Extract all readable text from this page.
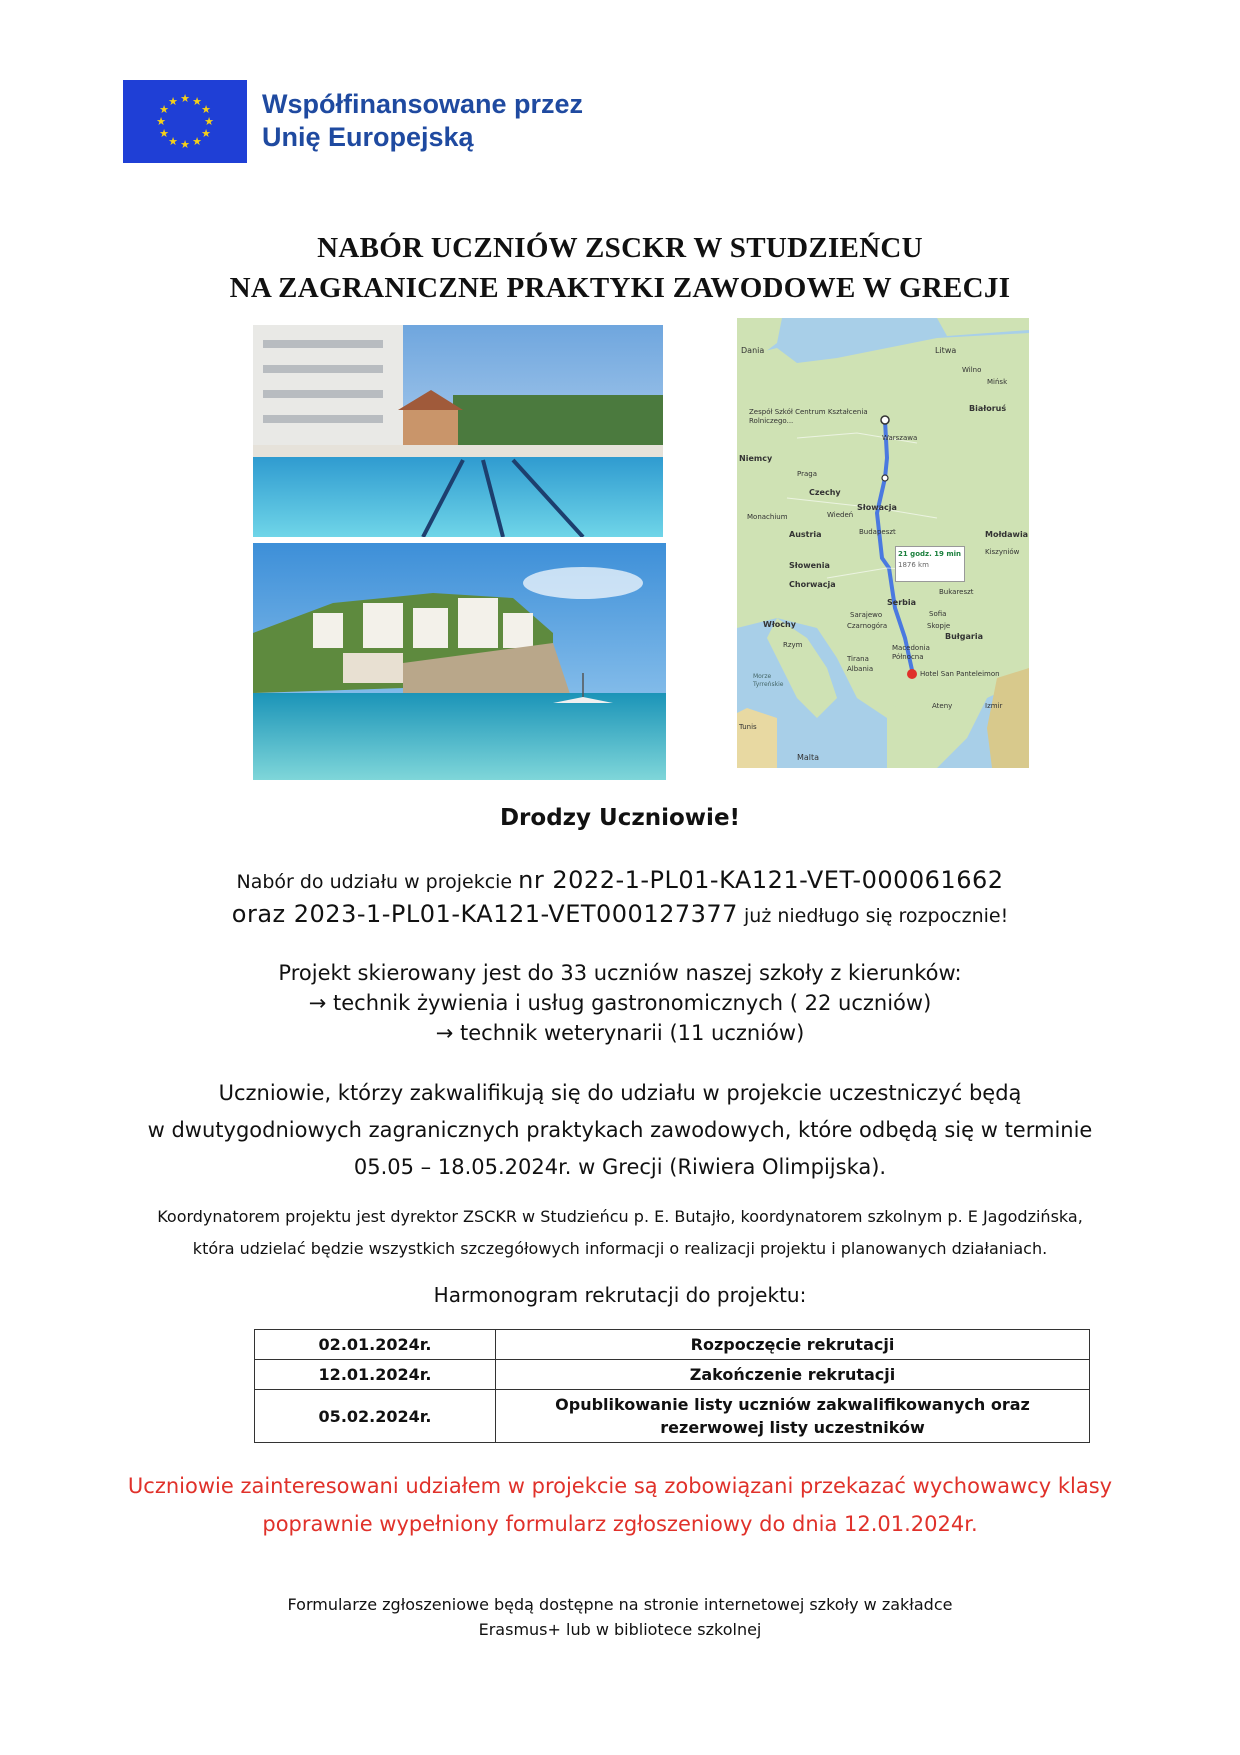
★ ★
★
★
★
★
★
★
★
★
★
★	Współfinansowane przez
Unię Europejską
NABÓR UCZNIÓW ZSCKR W STUDZIEŃCU
NA ZAGRANICZNE PRAKTYKI ZAWODOWE W GRECJI
21 godz. 19 min
1876 km
Dania	Litwa
Wilno
Mińsk
Białoruś
Zespół Szkół Centrum Kształcenia Rolniczego...
Warszawa
Niemcy
Praga
Czechy
Słowacja
Monachium	Wiedeń
Austria	Budapeszt	Mołdawia
Kiszyniów
Słowenia
Chorwacja
Bukareszt
Serbia
Sarajewo
Czarnogóra
Sofia
Skopje
Bułgaria
Włochy
Rzym
Tirana
Albania
Macedonia Północna
Hotel San Panteleimon
Morze Tyrreńskie
Ateny	Izmir
Tunis
Malta
Drodzy Uczniowie!
Nabór do udziału w projekcie nr 2022-1-PL01-KA121-VET-000061662
oraz 2023-1-PL01-KA121-VET000127377 już niedługo się rozpocznie!
Projekt skierowany jest do 33 uczniów naszej szkoły z kierunków:
→ technik żywienia i usług gastronomicznych ( 22 uczniów)
→ technik weterynarii (11 uczniów)
Uczniowie, którzy zakwalifikują się do udziału w projekcie uczestniczyć będą
w dwutygodniowych zagranicznych praktykach zawodowych, które odbędą się w terminie
05.05 – 18.05.2024r. w Grecji (Riwiera Olimpijska).
Koordynatorem projektu jest dyrektor ZSCKR w Studzieńcu p. E. Butajło, koordynatorem szkolnym p. E Jagodzińska,
która udzielać będzie wszystkich szczegółowych informacji o realizacji projektu i planowanych działaniach.
Harmonogram rekrutacji do projektu:
02.01.2024r.	Rozpoczęcie rekrutacji
12.01.2024r.	Zakończenie rekrutacji
05.02.2024r.	Opublikowanie listy uczniów zakwalifikowanych oraz
rezerwowej listy uczestników
Uczniowie zainteresowani udziałem w projekcie są zobowiązani przekazać wychowawcy klasy
poprawnie wypełniony formularz zgłoszeniowy do dnia 12.01.2024r.
Formularze zgłoszeniowe będą dostępne na stronie internetowej szkoły w zakładce
Erasmus+ lub w bibliotece szkolnej
